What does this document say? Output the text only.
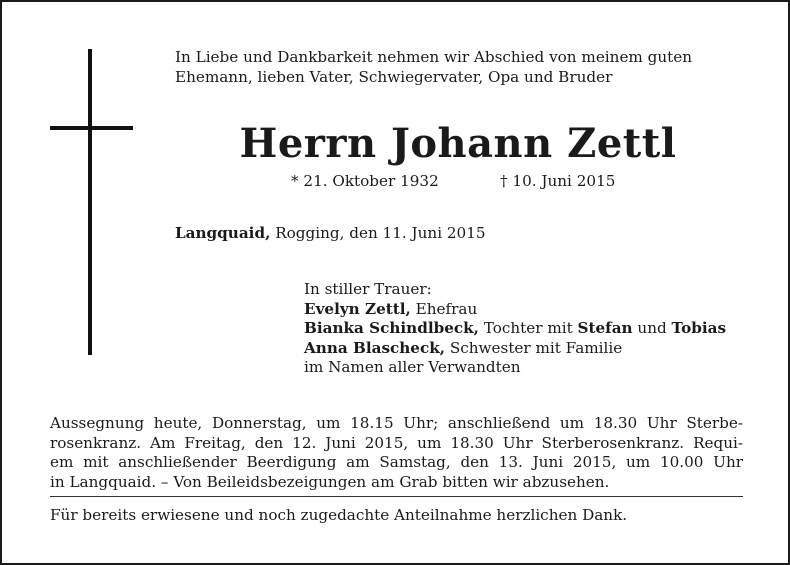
In Liebe und Dankbarkeit nehmen wir Abschied von meinem guten
Ehemann, lieben Vater, Schwiegervater, Opa und Bruder
Herrn Johann Zettl
* 21. Oktober 1932	† 10. Juni 2015
Langquaid, Rogging, den 11. Juni 2015
In stiller Trauer:
Evelyn Zettl, Ehefrau
Bianka Schindlbeck, Tochter mit Stefan und Tobias
Anna Blascheck, Schwester mit Familie
im Namen aller Verwandten
Aussegnung heute, Donnerstag, um 18.15 Uhr; anschließend um 18.30 Uhr Sterbe-
rosenkranz. Am Freitag, den 12. Juni 2015, um 18.30 Uhr Sterberosenkranz. Requi-
em mit anschließender Beerdigung am Samstag, den 13. Juni 2015, um 10.00 Uhr
in Langquaid. – Von Beileidsbezeigungen am Grab bitten wir abzusehen.
Für bereits erwiesene und noch zugedachte Anteilnahme herzlichen Dank.
